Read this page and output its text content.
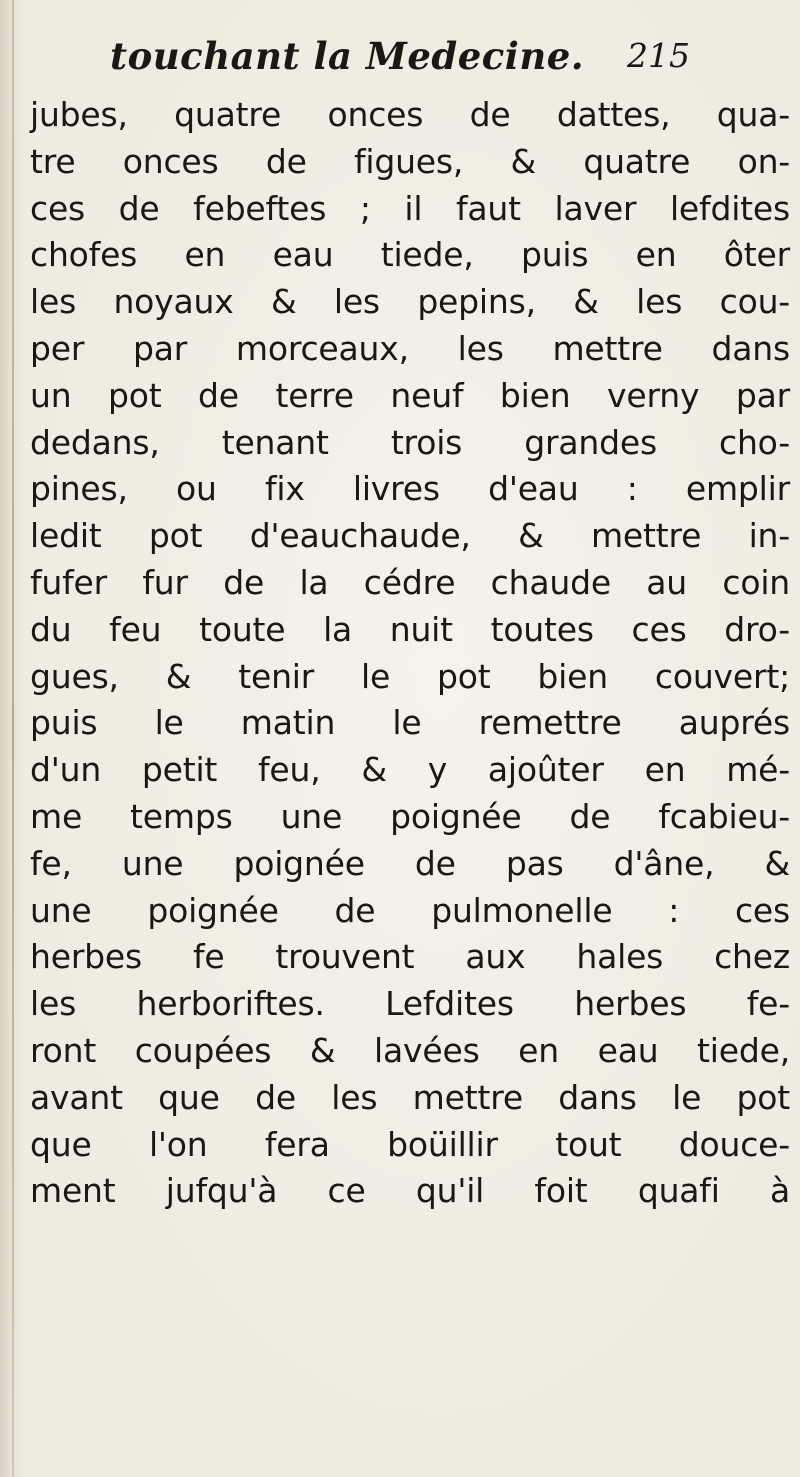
touchant la Medecine. 215
jubes, quatre onces de dattes, qua-
tre onces de figues, & quatre on-
ces de febeftes ; il faut laver lefdites
chofes en eau tiede, puis en ôter
les noyaux & les pepins, & les cou-
per par morceaux, les mettre dans
un pot de terre neuf bien verny par
dedans, tenant trois grandes cho-
pines, ou fix livres d'eau : emplir
ledit pot d'eauchaude, & mettre in-
fufer fur de la cédre chaude au coin
du feu toute la nuit toutes ces dro-
gues, & tenir le pot bien couvert;
puis le matin le remettre auprés
d'un petit feu, & y ajoûter en mé-
me temps une poignée de fcabieu-
fe, une poignée de pas d'âne, &
une poignée de pulmonelle : ces
herbes fe trouvent aux hales chez
les herboriftes. Lefdites herbes fe-
ront coupées & lavées en eau tiede,
avant que de les mettre dans le pot
que l'on fera boüillir tout douce-
ment jufqu'à ce qu'il foit quafi à
